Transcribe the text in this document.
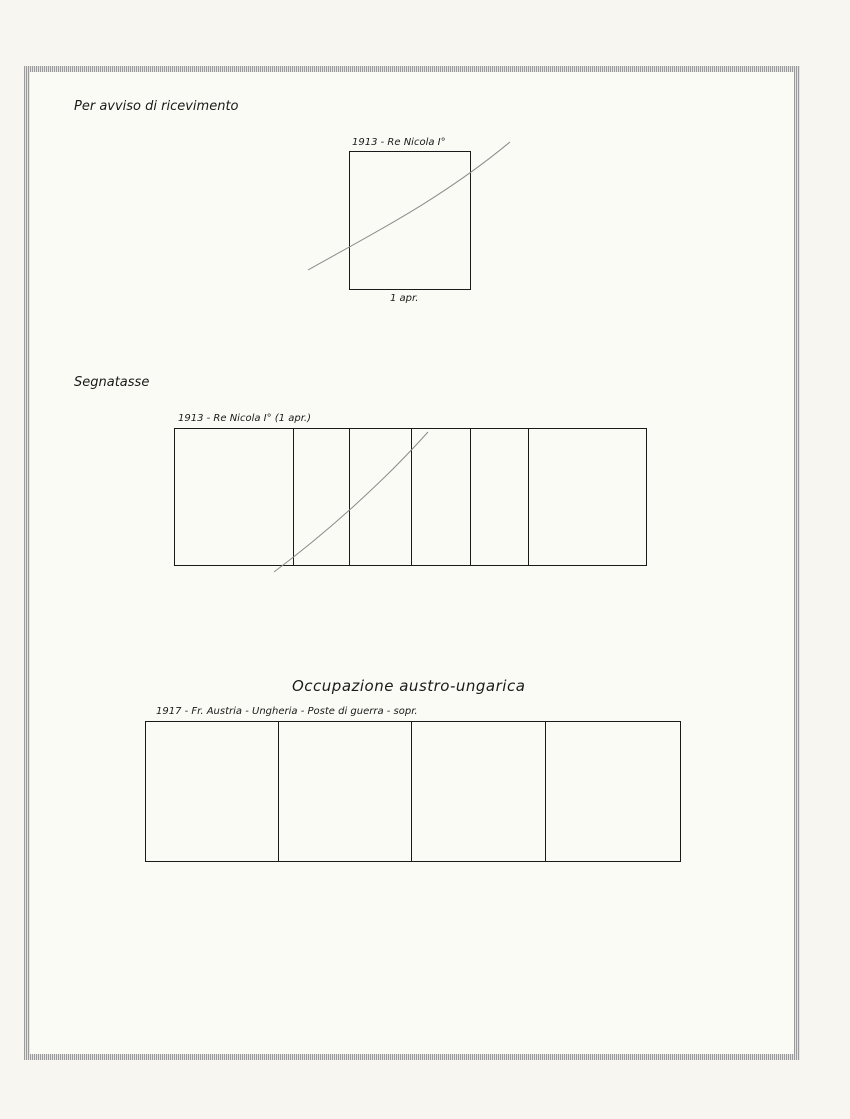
Per avviso di ricevimento
1913 - Re Nicola I°
1 apr.
Segnatasse
1913 - Re Nicola I° (1 apr.)
Occupazione austro-ungarica
1917 - Fr. Austria - Ungheria - Poste di guerra - sopr.
